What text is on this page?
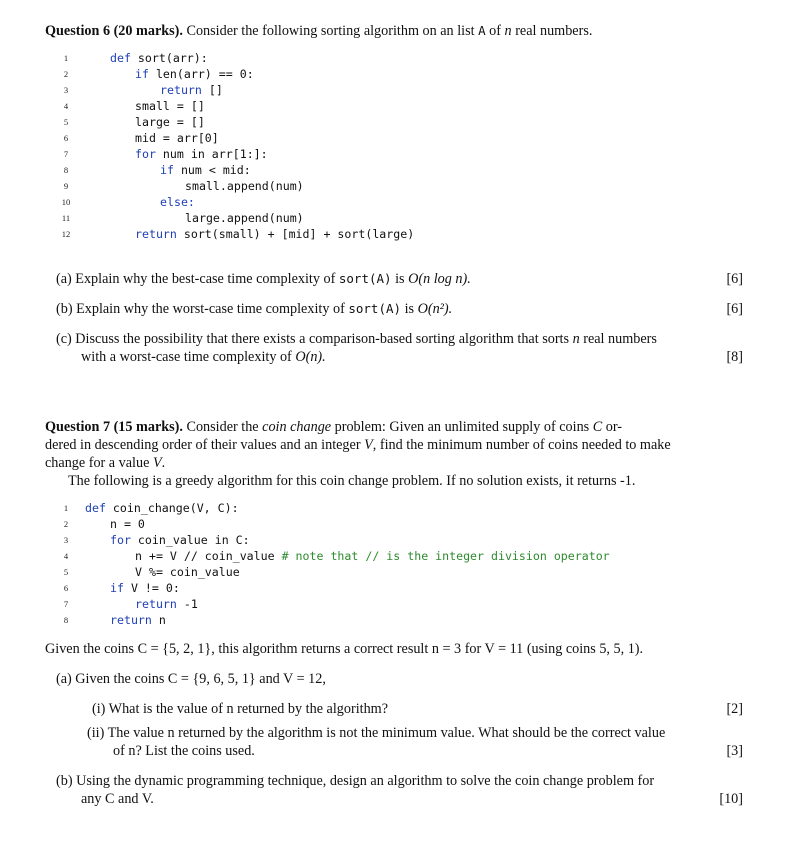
Question 6 (20 marks). Consider the following sorting algorithm on an list A of n real numbers.
1	def sort(arr):
2	if len(arr) == 0:
3	return []
4	small = []
5	large = []
6	mid = arr[0]
7	for num in arr[1:]:
8	if num < mid:
9	small.append(num)
10	else:
11	large.append(num)
12	return sort(small) + [mid] + sort(large)
(a) Explain why the best-case time complexity of sort(A) is O(n log n).	[6]
(b) Explain why the worst-case time complexity of sort(A) is O(n²).	[6]
(c) Discuss the possibility that there exists a comparison-based sorting algorithm that sorts n real numbers
with a worst-case time complexity of O(n).	[8]
Question 7 (15 marks). Consider the coin change problem: Given an unlimited supply of coins C or-
dered in descending order of their values and an integer V, find the minimum number of coins needed to make
change for a value V.
The following is a greedy algorithm for this coin change problem. If no solution exists, it returns -1.
1	def coin_change(V, C):
2	n = 0
3	for coin_value in C:
4	n += V // coin_value # note that // is the integer division operator
5	V %= coin_value
6	if V != 0:
7	return -1
8	return n
Given the coins C = {5, 2, 1}, this algorithm returns a correct result n = 3 for V = 11 (using coins 5, 5, 1).
(a) Given the coins C = {9, 6, 5, 1} and V = 12,
(i) What is the value of n returned by the algorithm?	[2]
(ii) The value n returned by the algorithm is not the minimum value. What should be the correct value
of n? List the coins used.	[3]
(b) Using the dynamic programming technique, design an algorithm to solve the coin change problem for
any C and V.	[10]
